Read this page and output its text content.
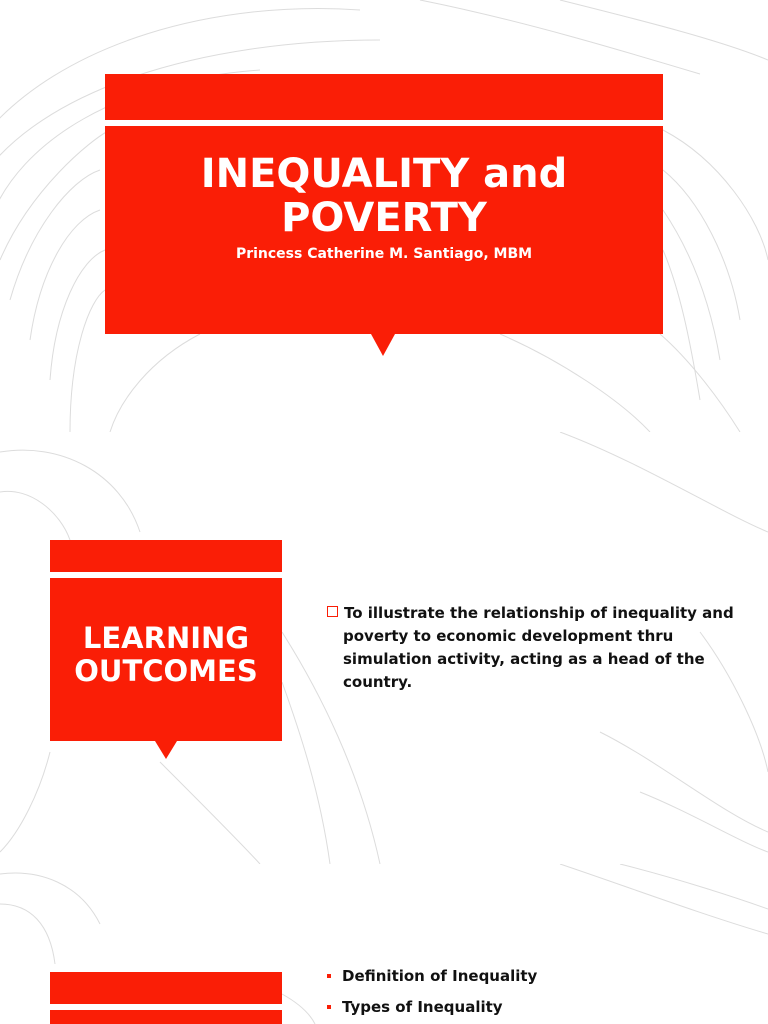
INEQUALITY and POVERTY

Princess Catherine M. Santiago, MBM

LEARNING OUTCOMES

To illustrate the relationship of inequality and poverty to economic development thru simulation activity, acting as a head of the country.

Definition of Inequality
Types of Inequality
